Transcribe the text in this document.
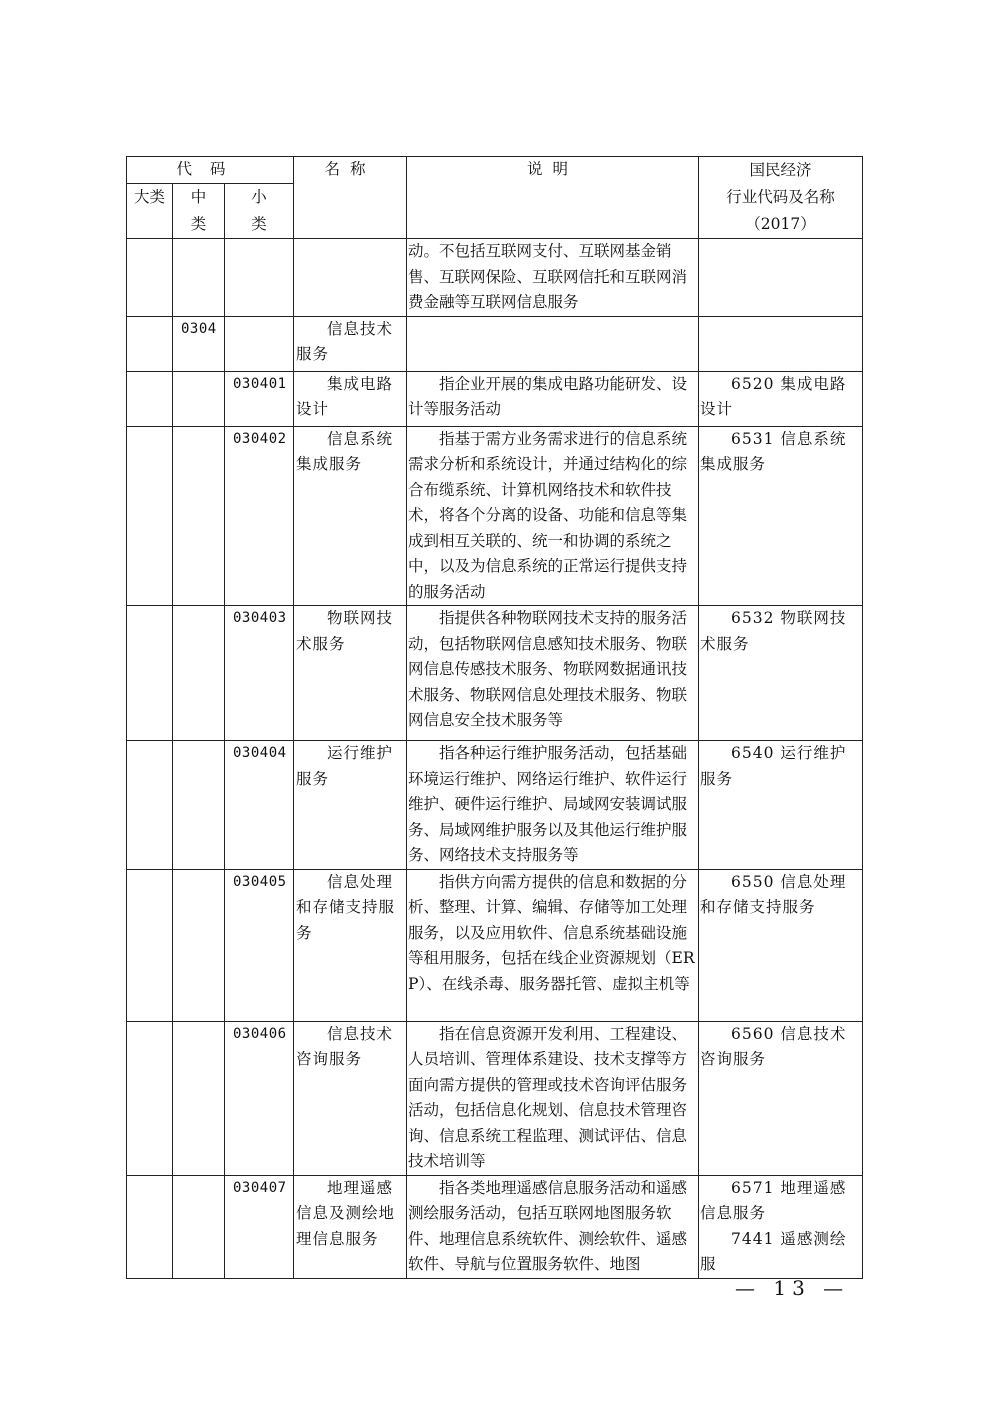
代码			名称	说明	国民经济
行业代码及名称
（2017）

大类	中类	小类			
				动。不包括互联网支付、互联网基金销售、互联网保险、互联网信托和互联网消费金融等互联网信息服务	
	0304		信息技术服务		

		030401	集成电路设计	指企业开展的集成电路功能研发、设计等服务活动	6520 集成电路设计

		030402	信息系统集成服务	指基于需方业务需求进行的信息系统需求分析和系统设计，并通过结构化的综合布缆系统、计算机网络技术和软件技术，将各个分离的设备、功能和信息等集成到相互关联的、统一和协调的系统之中，以及为信息系统的正常运行提供支持的服务活动	6531 信息系统集成服务

		030403	物联网技术服务	指提供各种物联网技术支持的服务活动，包括物联网信息感知技术服务、物联网信息传感技术服务、物联网数据通讯技术服务、物联网信息处理技术服务、物联网信息安全技术服务等	6532 物联网技术服务

		030404	运行维护服务	指各种运行维护服务活动，包括基础环境运行维护、网络运行维护、软件运行维护、硬件运行维护、局域网安装调试服务、局域网维护服务以及其他运行维护服务、网络技术支持服务等	6540 运行维护服务

		030405	信息处理和存储支持服务	指供方向需方提供的信息和数据的分析、整理、计算、编辑、存储等加工处理服务，以及应用软件、信息系统基础设施等租用服务，包括在线企业资源规划（ERP）、在线杀毒、服务器托管、虚拟主机等	6550 信息处理和存储支持服务

		030406	信息技术咨询服务	指在信息资源开发利用、工程建设、人员培训、管理体系建设、技术支撑等方面向需方提供的管理或技术咨询评估服务活动，包括信息化规划、信息技术管理咨询、信息系统工程监理、测试评估、信息技术培训等	6560 信息技术咨询服务

		030407	地理遥感信息及测绘地理信息服务	指各类地理遥感信息服务活动和遥感测绘服务活动，包括互联网地图服务软件、地理信息系统软件、测绘软件、遥感软件、导航与位置服务软件、地图	6571 地理遥感信息服务
7441 遥感测绘服
— 13 —
